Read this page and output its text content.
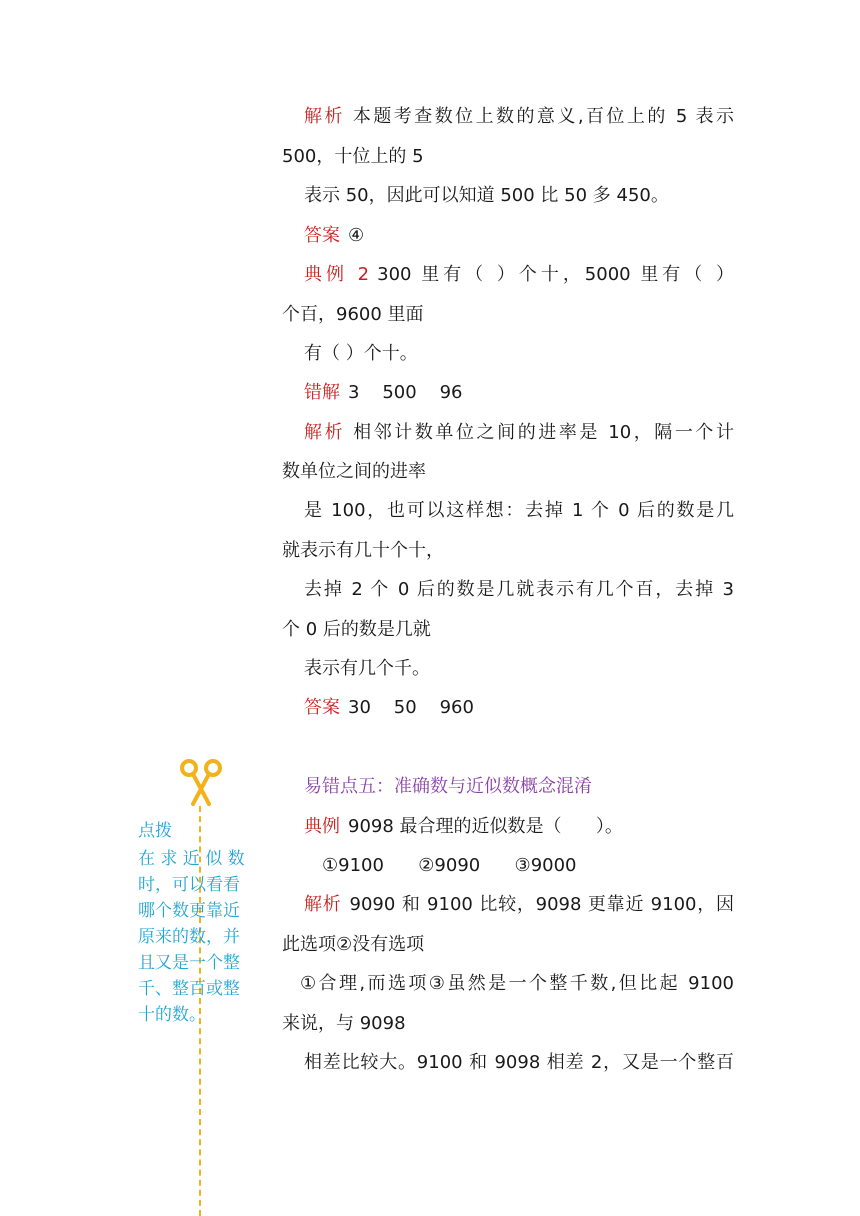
解析 本题考查数位上数的意义,百位上的 5 表示
500，十位上的 5
表示 50，因此可以知道 500 比 50 多 450。
答案 ④
典例 2 300 里有（ ）个十，5000 里有（ ）
个百，9600 里面
有（ ）个十。
错解 3    500    96
解析 相邻计数单位之间的进率是 10，隔一个计
数单位之间的进率
是 100，也可以这样想：去掉 1 个 0 后的数是几
就表示有几十个十，
去掉 2 个 0 后的数是几就表示有几个百，去掉 3
个 0 后的数是几就
表示有几个千。
答案 30    50    960
易错点五：准确数与近似数概念混淆
典例 9098 最合理的近似数是（      ）。
①9100      ②9090      ③9000
解析 9090 和 9100 比较，9098 更靠近 9100，因
此选项②没有选项
①合理,而选项③虽然是一个整千数,但比起 9100
来说，与 9098
相差比较大。9100 和 9098 相差 2，又是一个整百
点拨
在 求 近 似 数
时，可以看看
哪个数更靠近
原来的数，并
且又是一个整
千、整百或整
十的数。
